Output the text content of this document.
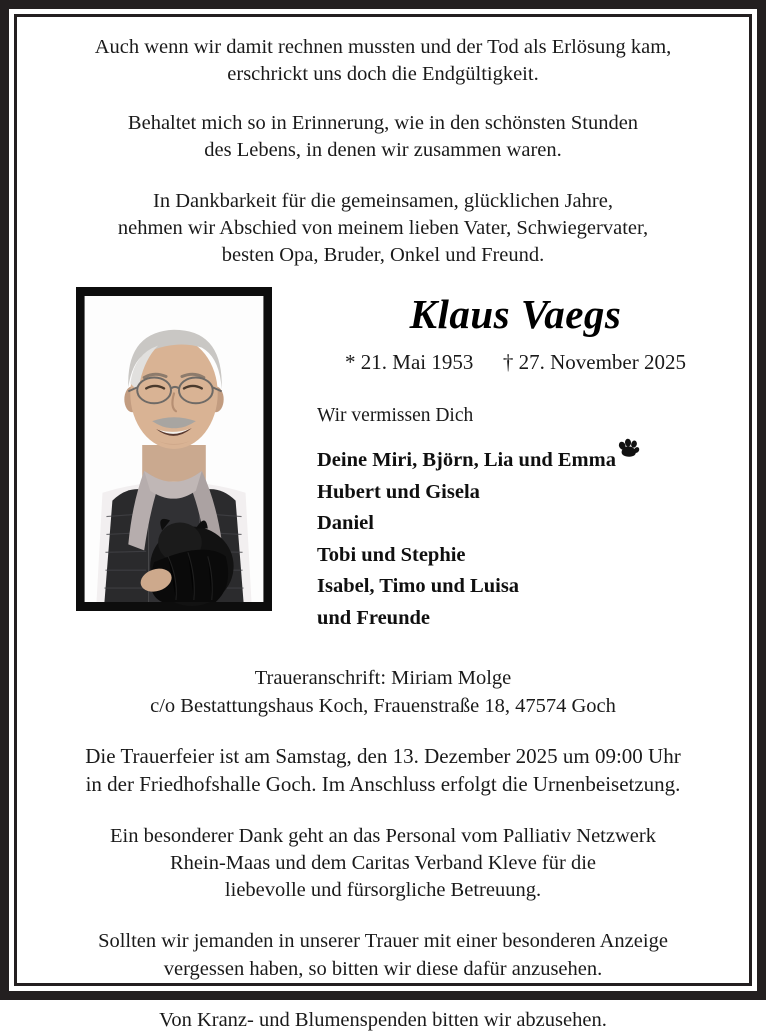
Auch wenn wir damit rechnen mussten und der Tod als Erlösung kam,
erschrickt uns doch die Endgültigkeit.
Behaltet mich so in Erinnerung, wie in den schönsten Stunden
des Lebens, in denen wir zusammen waren.
In Dankbarkeit für die gemeinsamen, glücklichen Jahre,
nehmen wir Abschied von meinem lieben Vater, Schwiegervater,
besten Opa, Bruder, Onkel und Freund.
Klaus Vaegs
* 21. Mai 1953 † 27. November 2025
Wir vermissen Dich
Deine Miri, Björn, Lia und Emma
Hubert und Gisela
Daniel
Tobi und Stephie
Isabel, Timo und Luisa
und Freunde
Traueranschrift: Miriam Molge
c/o Bestattungshaus Koch, Frauenstraße 18, 47574 Goch
Die Trauerfeier ist am Samstag, den 13. Dezember 2025 um 09:00 Uhr
in der Friedhofshalle Goch. Im Anschluss erfolgt die Urnenbeisetzung.
Ein besonderer Dank geht an das Personal vom Palliativ Netzwerk
Rhein-Maas und dem Caritas Verband Kleve für die
liebevolle und fürsorgliche Betreuung.
Sollten wir jemanden in unserer Trauer mit einer besonderen Anzeige
vergessen haben, so bitten wir diese dafür anzusehen.
Von Kranz- und Blumenspenden bitten wir abzusehen.
